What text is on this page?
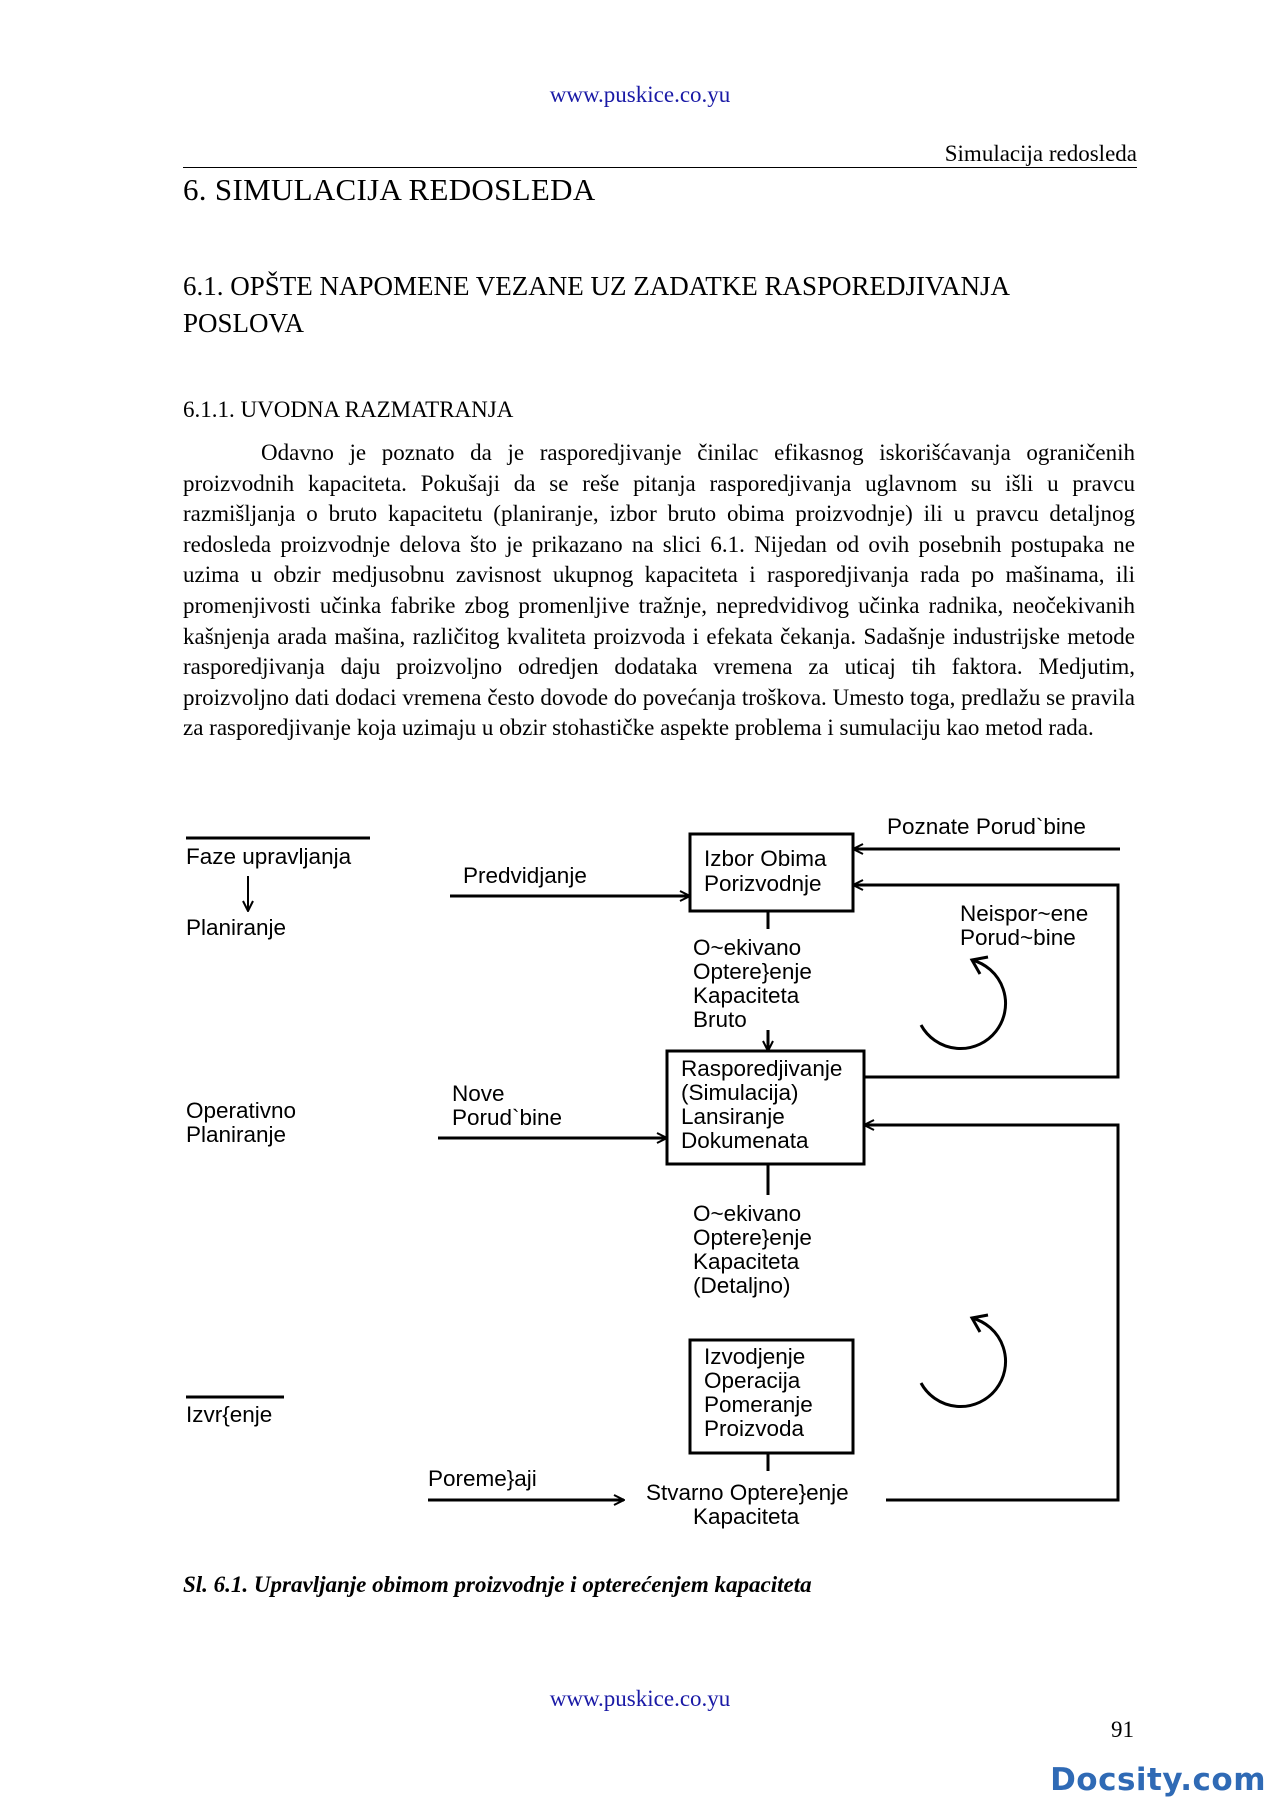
www.puskice.co.yu
Simulacija redosleda
6. SIMULACIJA REDOSLEDA
6.1. OPŠTE NAPOMENE VEZANE UZ ZADATKE RASPOREDJIVANJA
POSLOVA
6.1.1. UVODNA RAZMATRANJA

Odavno je poznato da je rasporedjivanje činilac efikasnog iskorišćavanja ograničenih proizvodnih kapaciteta. Pokušaji da se reše pitanja rasporedjivanja uglavnom su išli u pravcu razmišljanja o bruto kapacitetu (planiranje, izbor bruto obima proizvodnje) ili u pravcu detaljnog redosleda proizvodnje delova što je prikazano na slici 6.1. Nijedan od ovih posebnih postupaka ne uzima u obzir medjusobnu zavisnost ukupnog kapaciteta i rasporedjivanja rada po mašinama, ili promenjivosti učinka fabrike zbog promenljive tražnje, nepredvidivog učinka radnika, neočekivanih kašnjenja arada mašina, različitog kvaliteta proizvoda i efekata čekanja. Sadašnje industrijske metode rasporedjivanja daju proizvoljno odredjen dodataka vremena za uticaj tih faktora. Medjutim, proizvoljno dati dodaci vremena često dovode do povećanja troškova. Umesto toga, predlažu se pravila za rasporedjivanje koja uzimaju u obzir stohastičke aspekte problema i sumulaciju kao metod rada.

Faze upravljanja
Planiranje
Operativno
Planiranje
Izvr{enje
Izbor Obima
Porizvodnje
Predvidjanje
Poznate Porud`bine
Neispor~ene
Porud~bine
O~ekivano
Optere}enje
Kapaciteta
Bruto
Rasporedjivanje
(Simulacija)
Lansiranje
Dokumenata
Nove
Porud`bine
O~ekivano
Optere}enje
Kapaciteta
(Detaljno)
Izvodjenje
Operacija
Pomeranje
Proizvoda
Stvarno Optere}enje
Kapaciteta
Poreme}aji
Sl. 6.1. Upravljanje obimom proizvodnje i opterećenjem kapaciteta
www.puskice.co.yu
91
Docsity.com
